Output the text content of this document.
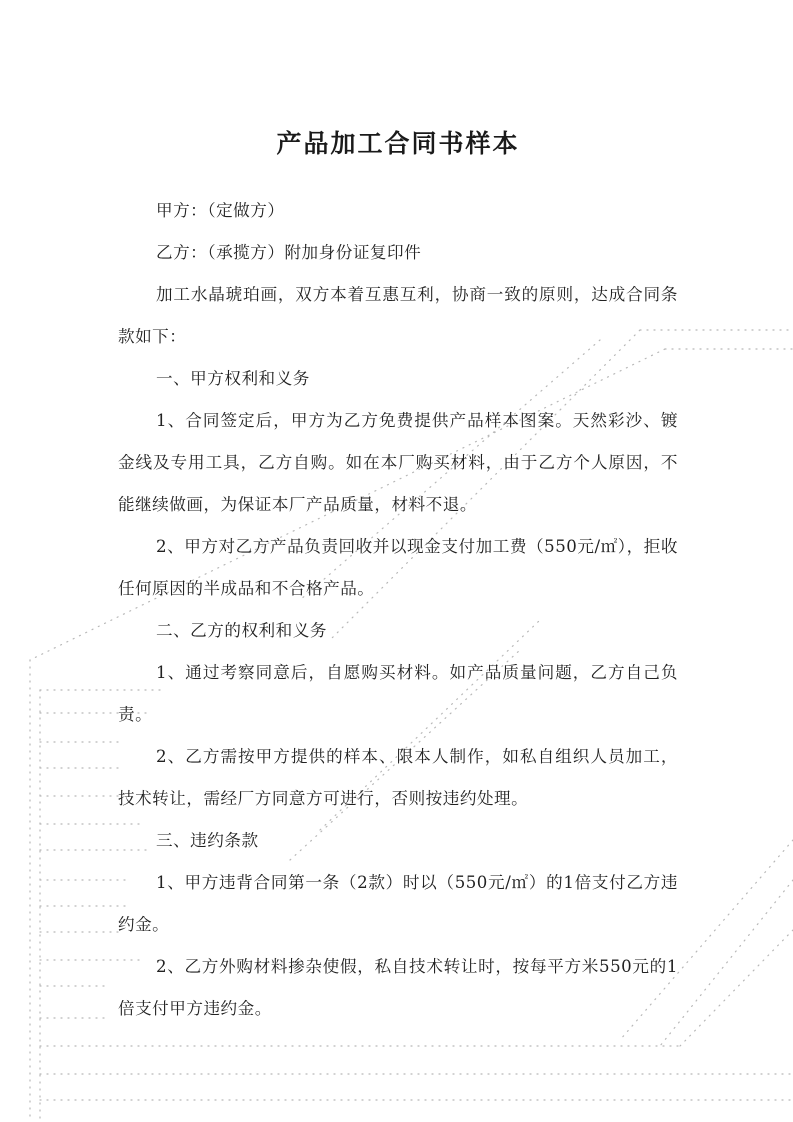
产品加工合同书样本
甲方：（定做方）
乙方：（承揽方）附加身份证复印件
加工水晶琥珀画，双方本着互惠互利，协商一致的原则，达成合同条款如下：
一、甲方权利和义务
1、合同签定后，甲方为乙方免费提供产品样本图案。天然彩沙、镀金线及专用工具，乙方自购。如在本厂购买材料，由于乙方个人原因，不能继续做画，为保证本厂产品质量，材料不退。
2、甲方对乙方产品负责回收并以现金支付加工费（550元/㎡），拒收任何原因的半成品和不合格产品。
二、乙方的权利和义务
1、通过考察同意后，自愿购买材料。如产品质量问题，乙方自己负责。
2、乙方需按甲方提供的样本、限本人制作，如私自组织人员加工，技术转让，需经厂方同意方可进行，否则按违约处理。
三、违约条款
1、甲方违背合同第一条（2款）时以（550元/㎡）的1倍支付乙方违约金。
2、乙方外购材料掺杂使假，私自技术转让时，按每平方米550元的1倍支付甲方违约金。
